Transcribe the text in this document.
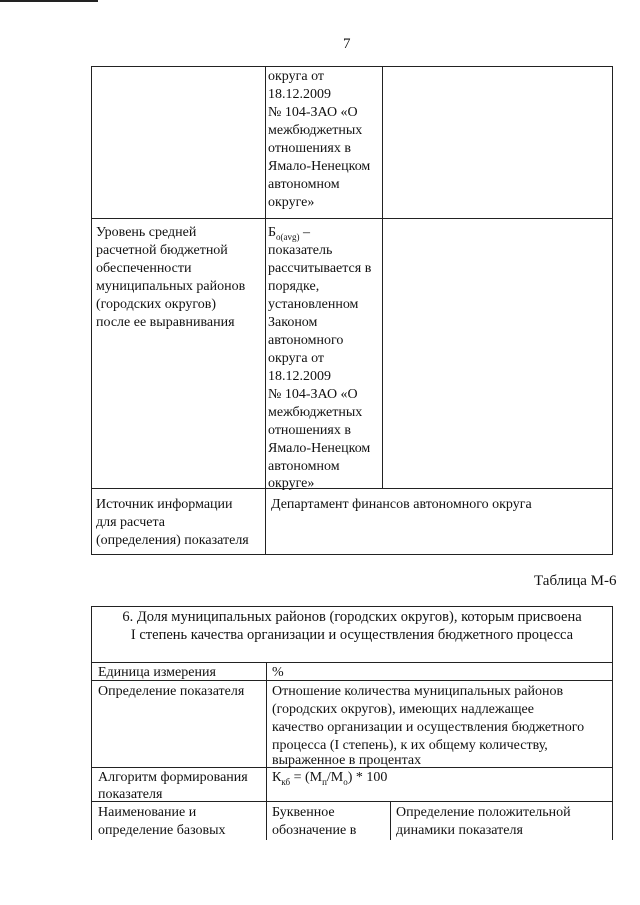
7
округа от
18.12.2009
№ 104-ЗАО «О
межбюджетных
отношениях в
Ямало-Ненецком
автономном
округе»
Уровень средней
расчетной бюджетной
обеспеченности
муниципальных районов
(городских округов)
после ее выравнивания
$Б_{о(avg)}$ –
показатель
рассчитывается в
порядке,
установленном
Законом
автономного
округа от
18.12.2009
№ 104-ЗАО «О
межбюджетных
отношениях в
Ямало-Ненецком
автономном
округе»
Источник информации
для расчета
(определения) показателя
Департамент финансов автономного округа
Таблица М-6
6. Доля муниципальных районов (городских округов), которым присвоена
I степень качества организации и осуществления бюджетного процесса
Единица измерения	%
Определение показателя Отношение количества муниципальных районов
(городских округов), имеющих надлежащее
качество организации и осуществления бюджетного
процесса (I степень), к их общему количеству,
выраженное в процентах
Алгоритм формирования
показателя
$К_{кб} = (М_п/М_о) * 100$
Наименование и
определение базовых
Буквенное
обозначение в
Определение положительной
динамики показателя
